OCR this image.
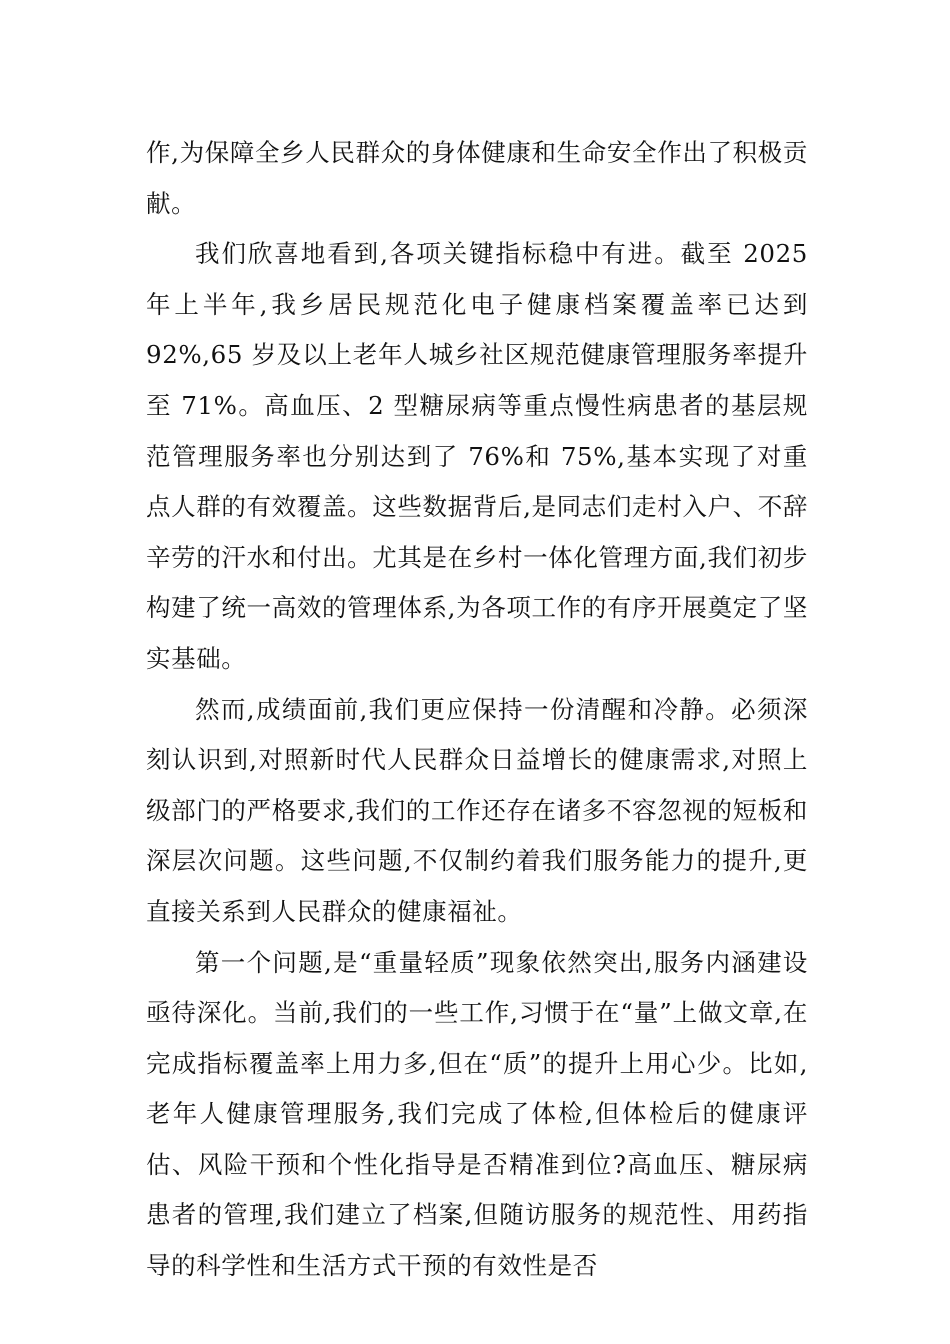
作,为保障全乡人民群众的身体健康和生命安全作出了积极贡献。

我们欣喜地看到,各项关键指标稳中有进。截至 2025 年上半年,我乡居民规范化电子健康档案覆盖率已达到 92%,65 岁及以上老年人城乡社区规范健康管理服务率提升至 71%。高血压、2 型糖尿病等重点慢性病患者的基层规范管理服务率也分别达到了 76%和 75%,基本实现了对重点人群的有效覆盖。这些数据背后,是同志们走村入户、不辞辛劳的汗水和付出。尤其是在乡村一体化管理方面,我们初步构建了统一高效的管理体系,为各项工作的有序开展奠定了坚实基础。

然而,成绩面前,我们更应保持一份清醒和冷静。必须深刻认识到,对照新时代人民群众日益增长的健康需求,对照上级部门的严格要求,我们的工作还存在诸多不容忽视的短板和深层次问题。这些问题,不仅制约着我们服务能力的提升,更直接关系到人民群众的健康福祉。

第一个问题,是“重量轻质”现象依然突出,服务内涵建设亟待深化。当前,我们的一些工作,习惯于在“量”上做文章,在完成指标覆盖率上用力多,但在“质”的提升上用心少。比如,老年人健康管理服务,我们完成了体检,但体检后的健康评估、风险干预和个性化指导是否精准到位?高血压、糖尿病患者的管理,我们建立了档案,但随访服务的规范性、用药指导的科学性和生活方式干预的有效性是否
